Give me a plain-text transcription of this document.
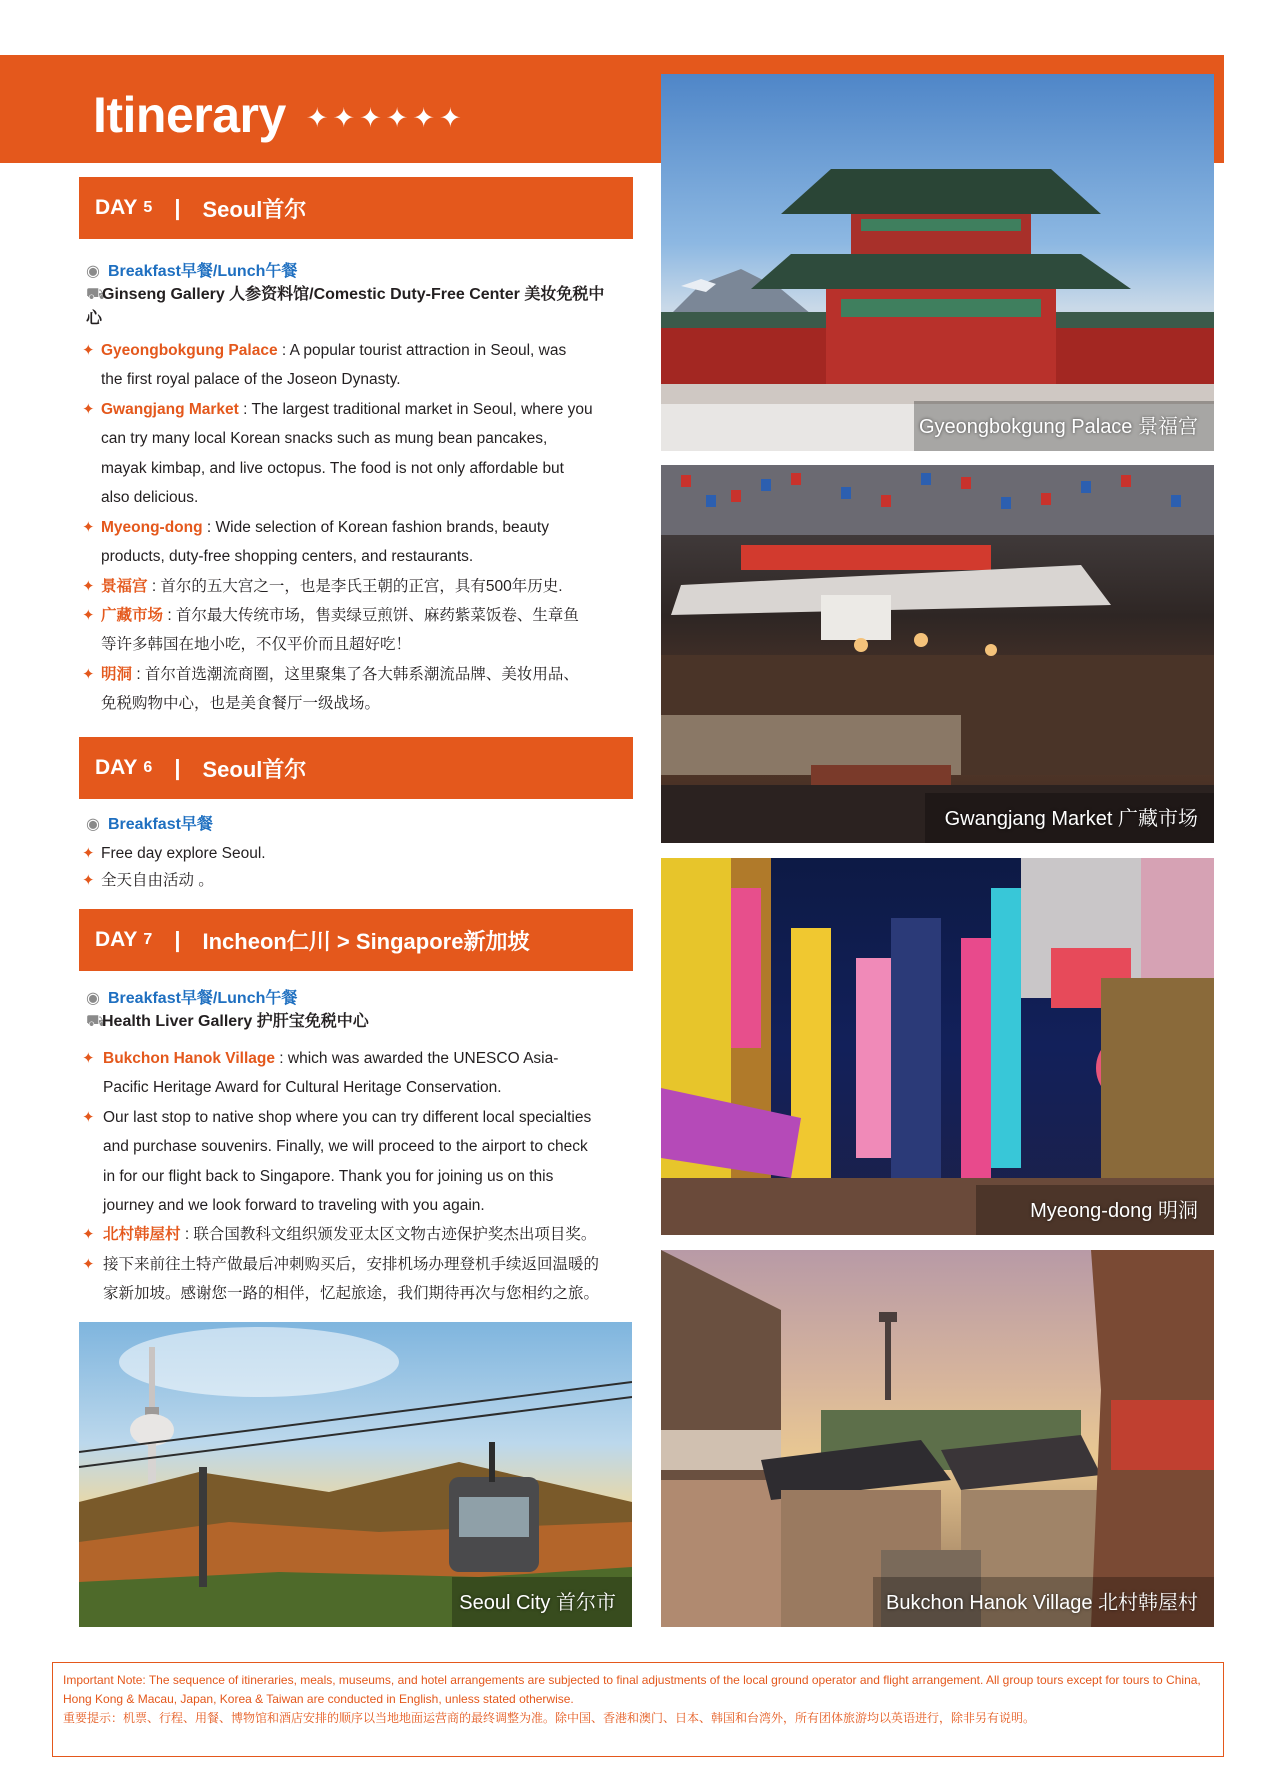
Itinerary ✦✦✦✦✦✦
DAY 5 | Seoul首尔
◉ Breakfast早餐/Lunch午餐
⛟Ginseng Gallery 人参资料馆/Comestic Duty-Free Center 美妆免税中心
✦ Gyeongbokgung Palace : A popular tourist attraction in Seoul, was
the first royal palace of the Joseon Dynasty.
✦ Gwangjang Market : The largest traditional market in Seoul, where you
can try many local Korean snacks such as mung bean pancakes,
mayak kimbap, and live octopus. The food is not only affordable but
also delicious.
✦ Myeong-dong : Wide selection of Korean fashion brands, beauty
products, duty-free shopping centers, and restaurants.
✦ 景福宫 : 首尔的五大宫之一，也是李氏王朝的正宫，具有500年历史.
✦ 广藏市场 : 首尔最大传统市场，售卖绿豆煎饼、麻药紫菜饭卷、生章鱼
等许多韩国在地小吃，不仅平价而且超好吃！
✦ 明洞 : 首尔首选潮流商圈，这里聚集了各大韩系潮流品牌、美妆用品、
免税购物中心，也是美食餐厅一级战场。
DAY 6 | Seoul首尔
◉ Breakfast早餐
✦ Free day explore Seoul.
✦ 全天自由活动 。
DAY 7 | Incheon仁川 > Singapore新加坡
◉ Breakfast早餐/Lunch午餐
⛟Health Liver Gallery 护肝宝免税中心
✦ Bukchon Hanok Village : which was awarded the UNESCO Asia-
Pacific Heritage Award for Cultural Heritage Conservation.
✦ Our last stop to native shop where you can try different local specialties
and purchase souvenirs. Finally, we will proceed to the airport to check
in for our flight back to Singapore. Thank you for joining us on this
journey and we look forward to traveling with you again.
✦ 北村韩屋村 : 联合国教科文组织颁发亚太区文物古迹保护奖杰出项目奖。
✦ 接下来前往土特产做最后冲刺购买后，安排机场办理登机手续返回温暖的
家新加坡。感谢您一路的相伴，忆起旅途，我们期待再次与您相约之旅。
Gyeongbokgung Palace 景福宫
Gwangjang Market 广藏市场
Myeong-dong 明洞
Bukchon Hanok Village 北村韩屋村
Seoul City 首尔市
Important Note: The sequence of itineraries, meals, museums, and hotel arrangements are subjected to final adjustments of the local ground operator and flight arrangement. All group tours except for tours to China, Hong Kong & Macau, Japan, Korea & Taiwan are conducted in English, unless stated otherwise.
重要提示：机票、行程、用餐、博物馆和酒店安排的顺序以当地地面运营商的最终调整为准。除中国、香港和澳门、日本、韩国和台湾外，所有团体旅游均以英语进行，除非另有说明。
